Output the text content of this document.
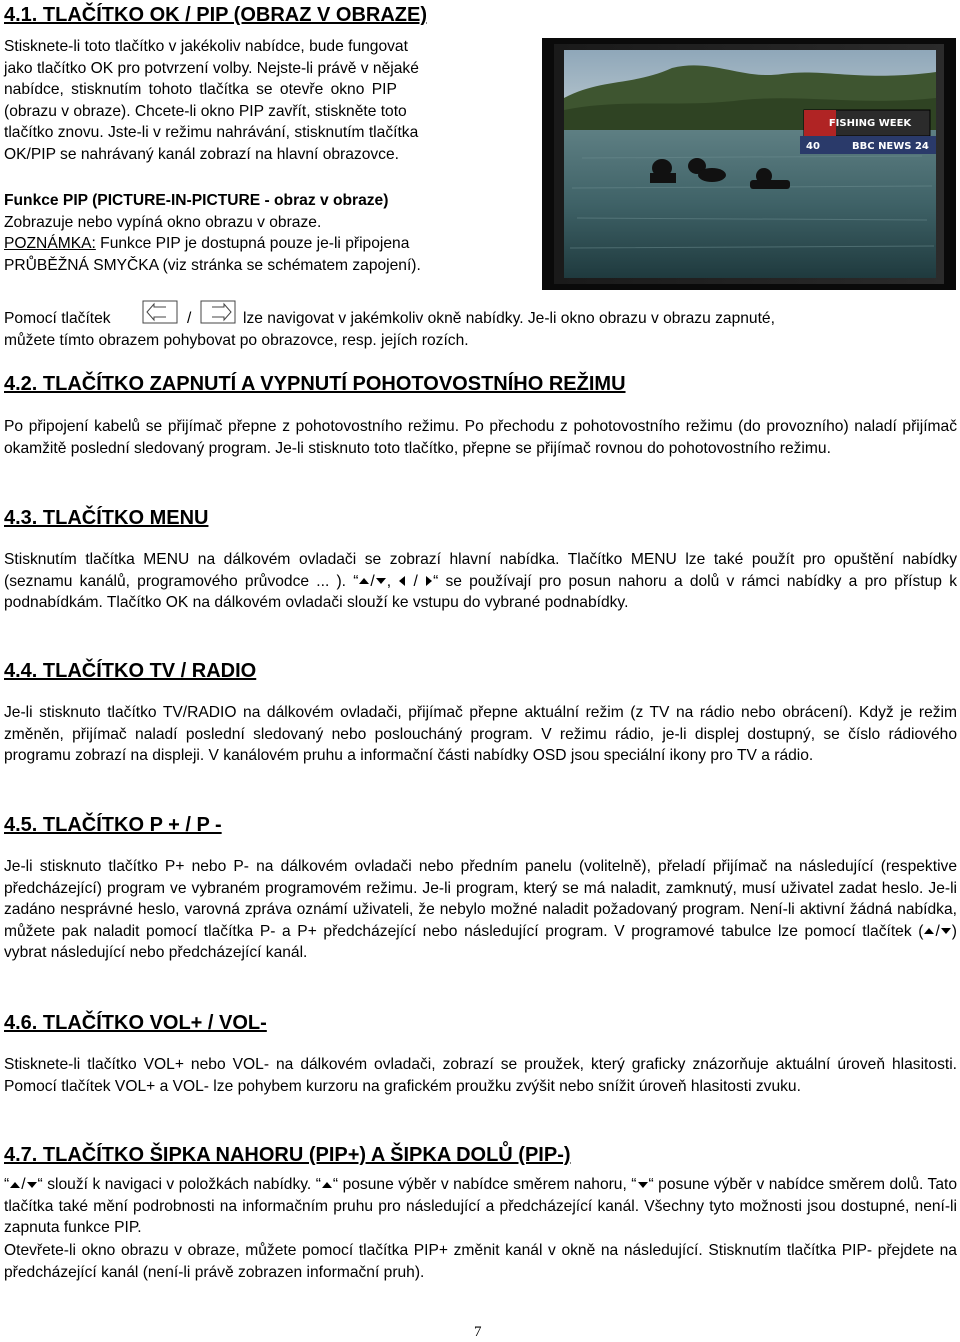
4.1. TLAČÍTKO OK / PIP (OBRAZ V OBRAZE)
Stisknete-li toto tlačítko v jakékoliv nabídce, bude fungovat
jako tlačítko OK pro potvrzení volby. Nejste-li právě v nějaké
nabídce, stisknutím tohoto tlačítka se otevře okno PIP
(obrazu v obraze). Chcete-li okno PIP zavřít, stiskněte toto
tlačítko znovu. Jste-li v režimu nahrávání, stisknutím tlačítka
OK/PIP se nahrávaný kanál zobrazí na hlavní obrazovce.
Funkce PIP (PICTURE-IN-PICTURE - obraz v obraze)
Zobrazuje nebo vypíná okno obrazu v obraze.
POZNÁMKA: Funkce PIP je dostupná pouze je-li připojena
PRŮBĚŽNÁ SMYČKA (viz stránka se schématem zapojení).
FISHING WEEK
40	BBC NEWS 24
Pomocí tlačítek	/	lze navigovat v jakémkoliv okně nabídky. Je-li okno obrazu v obrazu zapnuté,
můžete tímto obrazem pohybovat po obrazovce, resp. jejích rozích.
4.2. TLAČÍTKO ZAPNUTÍ A VYPNUTÍ POHOTOVOSTNÍHO REŽIMU
Po připojení kabelů se přijímač přepne z pohotovostního režimu. Po přechodu z pohotovostního režimu (do provozního) naladí přijímač okamžitě poslední sledovaný program. Je-li stisknuto toto tlačítko, přepne se přijímač rovnou do pohotovostního režimu.
4.3. TLAČÍTKO MENU
Stisknutím tlačítka MENU na dálkovém ovladači se zobrazí hlavní nabídka. Tlačítko MENU lze také použít pro opuštění nabídky (seznamu kanálů, programového průvodce ... ). “ / ,  / “ se používají pro posun nahoru a dolů v rámci nabídky a pro přístup k podnabídkám. Tlačítko OK na dálkovém ovladači slouží ke vstupu do vybrané podnabídky.
4.4. TLAČÍTKO TV / RADIO
Je-li stisknuto tlačítko TV/RADIO na dálkovém ovladači, přijímač přepne aktuální režim (z TV na rádio nebo obrácení). Když je režim změněn, přijímač naladí poslední sledovaný nebo posloucháný program. V režimu rádio, je-li displej dostupný, se číslo rádiového programu zobrazí na displeji. V kanálovém pruhu a informační části nabídky OSD jsou speciální ikony pro TV a rádio.
4.5. TLAČÍTKO P + / P -
Je-li stisknuto tlačítko P+ nebo P- na dálkovém ovladači nebo předním panelu (volitelně), přeladí přijímač na následující (respektive předcházející) program ve vybraném programovém režimu. Je-li program, který se má naladit, zamknutý, musí uživatel zadat heslo. Je-li zadáno nesprávné heslo, varovná zpráva oznámí uživateli, že nebylo možné naladit požadovaný program. Není-li aktivní žádná nabídka, můžete pak naladit pomocí tlačítka P- a P+ předcházející nebo následující program. V programové tabulce lze pomocí tlačítek ( / ) vybrat následující nebo předcházející kanál.
4.6. TLAČÍTKO VOL+ / VOL-
Stisknete-li tlačítko VOL+ nebo VOL- na dálkovém ovladači, zobrazí se proužek, který graficky znázorňuje aktuální úroveň hlasitosti. Pomocí tlačítek VOL+ a VOL- lze pohybem kurzoru na grafickém proužku zvýšit nebo snížit úroveň hlasitosti zvuku.
4.7. TLAČÍTKO ŠIPKA NAHORU (PIP+) A ŠIPKA DOLŮ (PIP-)
“ / “ slouží k navigaci v položkách nabídky. “ “ posune výběr v nabídce směrem nahoru, “ “ posune výběr v nabídce směrem dolů. Tato tlačítka také mění podrobnosti na informačním pruhu pro následující a předcházející kanál. Všechny tyto možnosti jsou dostupné, není-li zapnuta funkce PIP.
Otevřete-li okno obrazu v obraze, můžete pomocí tlačítka PIP+ změnit kanál v okně na následující. Stisknutím tlačítka PIP- přejdete na předcházející kanál (není-li právě zobrazen informační pruh).
7
